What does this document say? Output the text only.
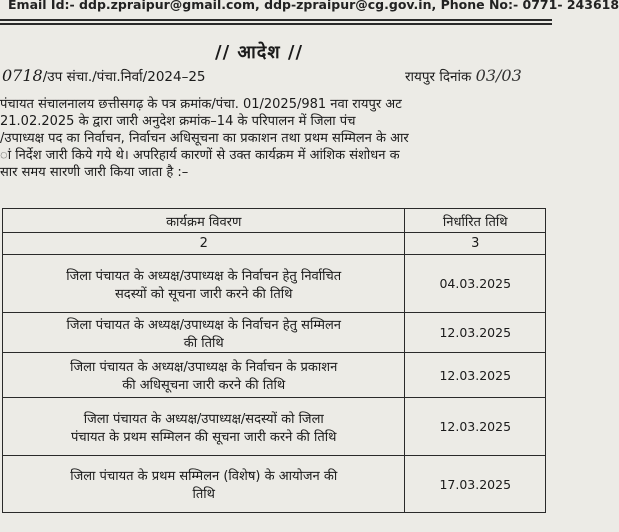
Email Id:- ddp.zpraipur@gmail.com, ddp-zpraipur@cg.gov.in, Phone No:- 0771- 243618
// आदेश //
0718/उप संचा./पंचा.निर्वा/2024–25	रायपुर दिनांक 03/03
पंचायत संचालनालय छत्तीसगढ़ के पत्र क्रमांक/पंचा. 01/2025/981 नवा रायपुर अट
21.02.2025 के द्वारा जारी अनुदेश क्रमांक–14 के परिपालन में जिला पंच
/उपाध्यक्ष पद का निर्वाचन, निर्वाचन अधिसूचना का प्रकाशन तथा प्रथम सम्मिलन के आर
ां निर्देश जारी किये गये थे। अपरिहार्य कारणों से उक्त कार्यक्रम में आंशिक संशोधन क
सार समय सारणी जारी किया जाता है :–
कार्यक्रम विवरण	निर्धारित तिथि
2	3

जिला पंचायत के अध्यक्ष/उपाध्यक्ष के निर्वाचन हेतु निर्वाचित
सदस्यों को सूचना जारी करने की तिथि	04.03.2025

जिला पंचायत के अध्यक्ष/उपाध्यक्ष के निर्वाचन हेतु सम्मिलन
की तिथि	12.03.2025

जिला पंचायत के अध्यक्ष/उपाध्यक्ष के निर्वाचन के प्रकाशन
की अधिसूचना जारी करने की तिथि	12.03.2025

जिला पंचायत के अध्यक्ष/उपाध्यक्ष/सदस्यों को जिला
पंचायत के प्रथम सम्मिलन की सूचना जारी करने की तिथि	12.03.2025

जिला पंचायत के प्रथम सम्मिलन (विशेष) के आयोजन की
तिथि	17.03.2025
